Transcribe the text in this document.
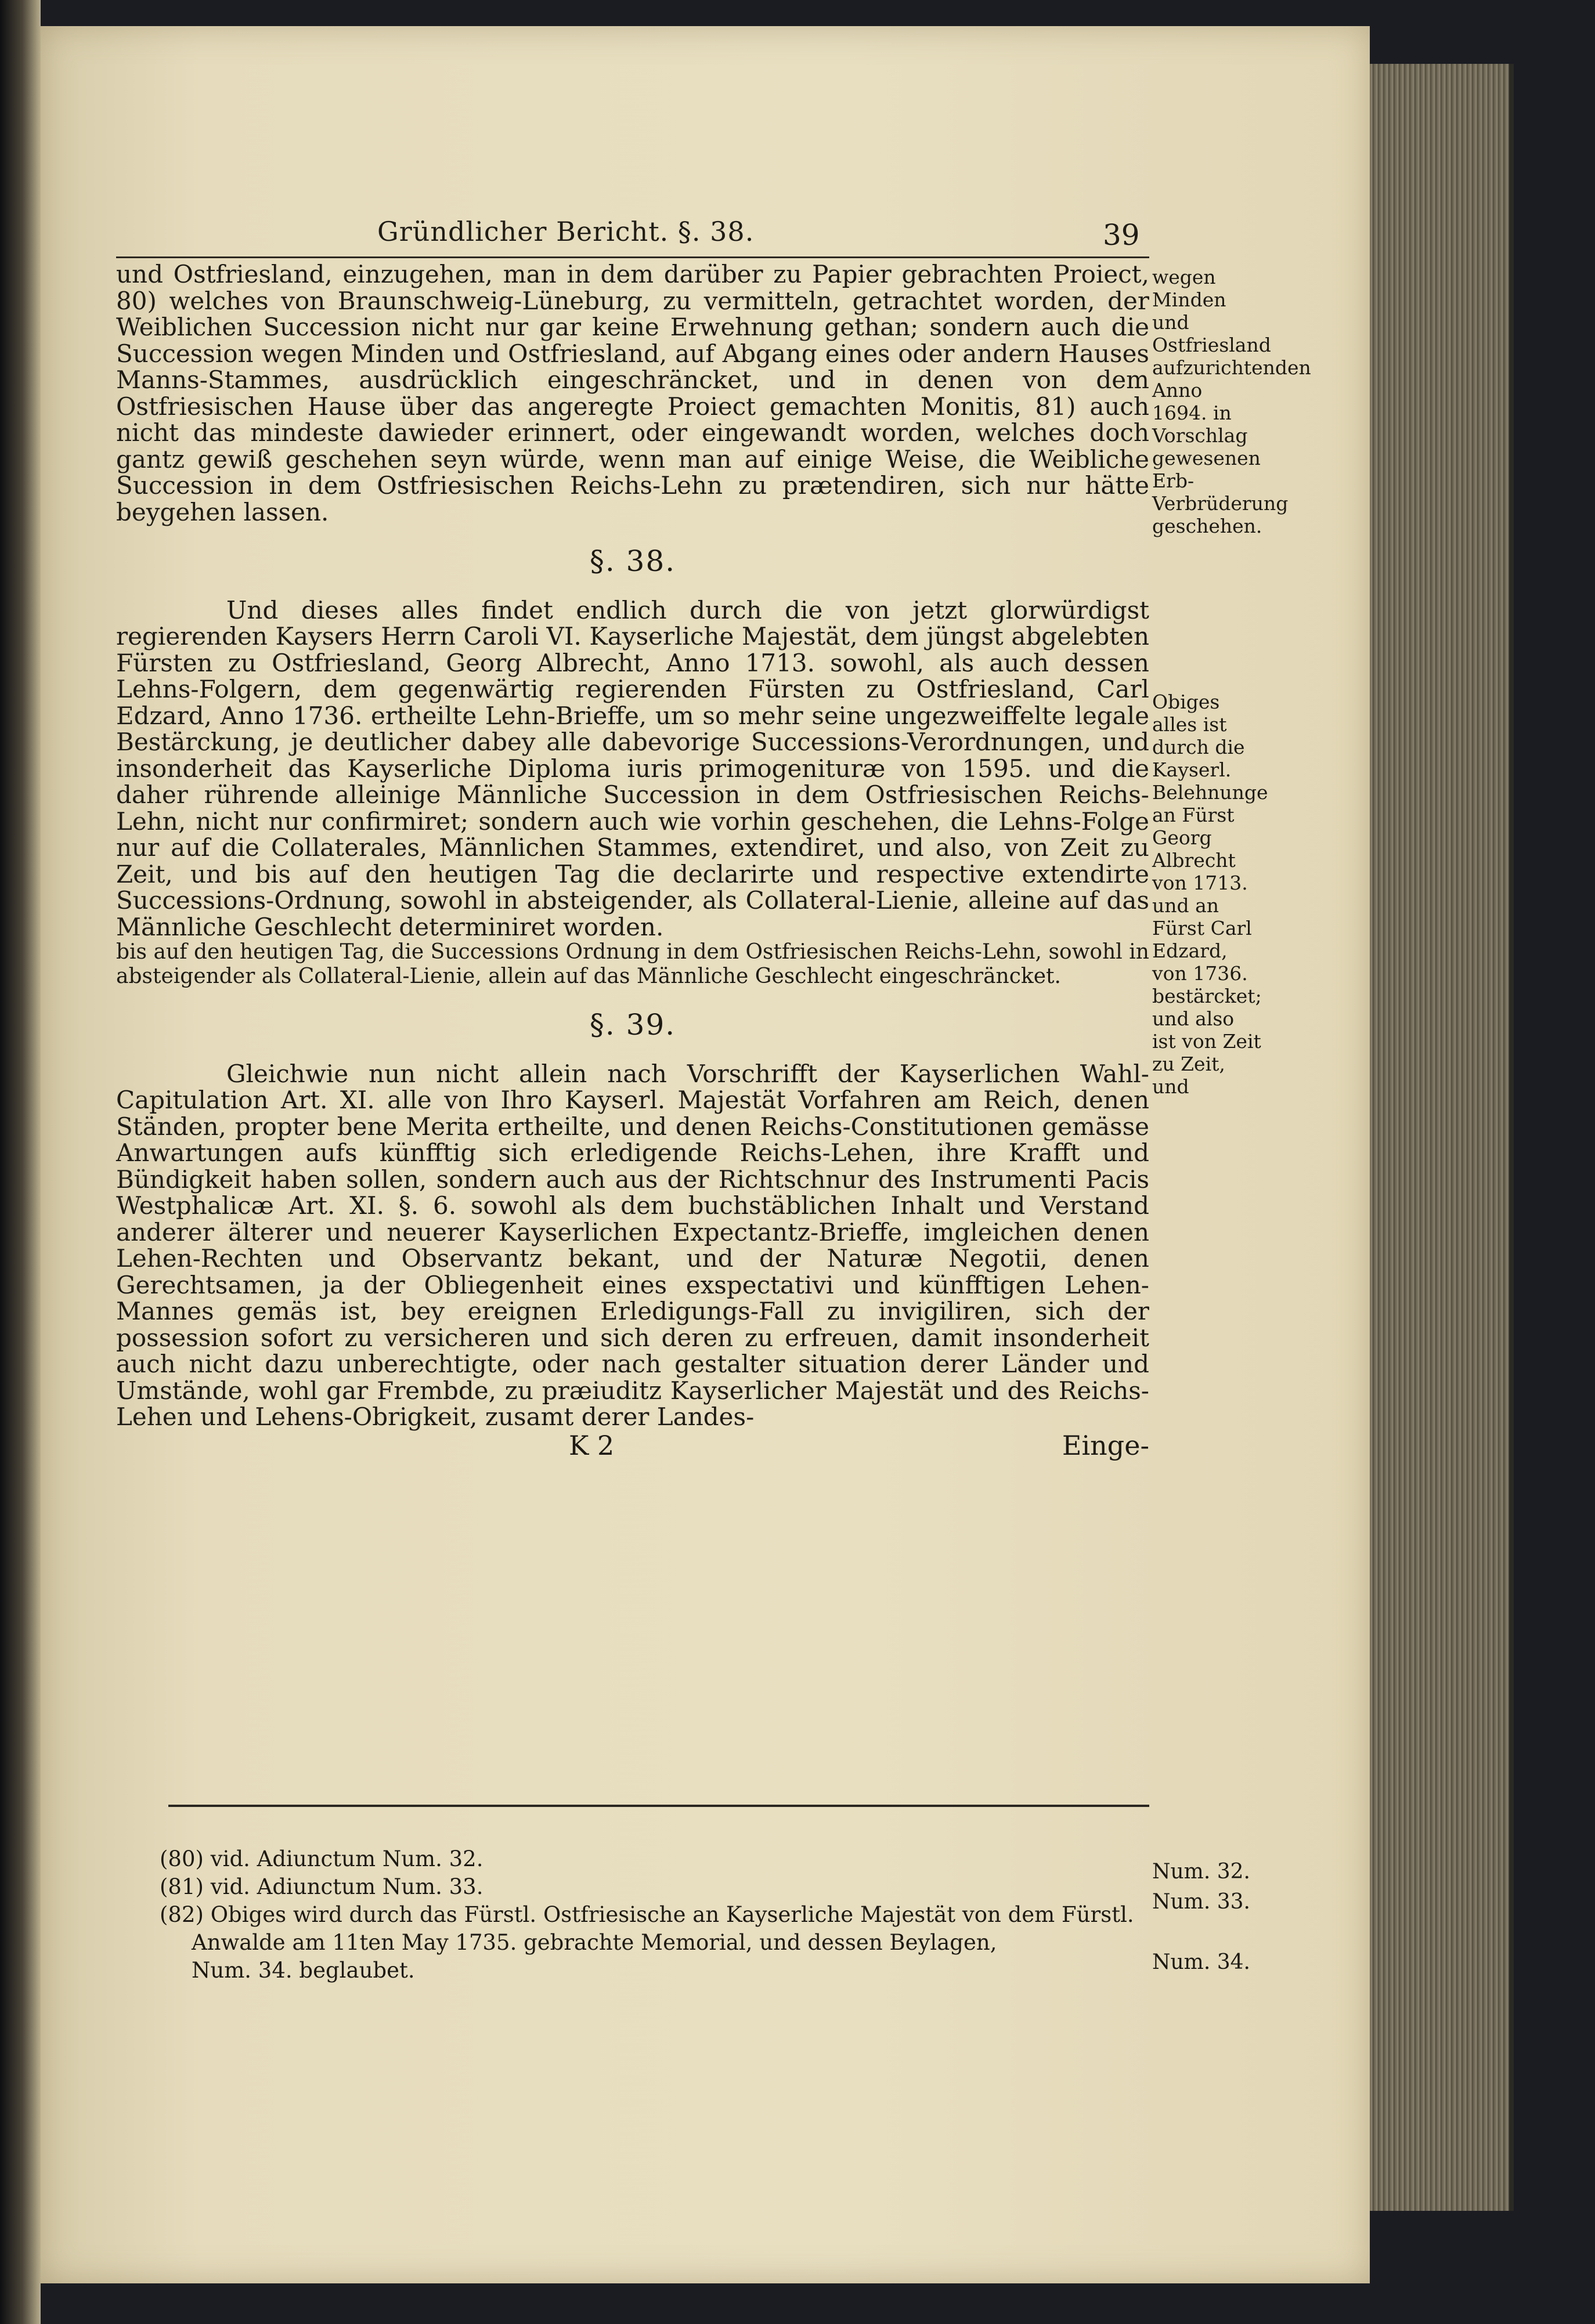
Gründlicher Bericht. §. 38.	39

und Ostfriesland, einzugehen, man in dem darüber zu Papier gebrachten Proiect, 80) welches von Braunschweig-Lüneburg, zu vermitteln, getrachtet worden, der Weiblichen Succession nicht nur gar keine Erwehnung gethan; sondern auch die Succession wegen Minden und Ostfriesland, auf Abgang eines oder andern Hauses Manns-Stammes, ausdrücklich eingeschräncket, und in denen von dem Ostfriesischen Hause über das angeregte Proiect gemachten Monitis, 81) auch nicht das mindeste dawieder erinnert, oder eingewandt worden, welches doch gantz gewiß geschehen seyn würde, wenn man auf einige Weise, die Weibliche Succession in dem Ostfriesischen Reichs-Lehn zu prætendiren, sich nur hätte beygehen lassen.

§. 38.

Und dieses alles findet endlich durch die von jetzt glorwürdigst regierenden Kaysers Herrn Caroli VI. Kayserliche Majestät, dem jüngst abgelebten Fürsten zu Ostfriesland, Georg Albrecht, Anno 1713. sowohl, als auch dessen Lehns-Folgern, dem gegenwärtig regierenden Fürsten zu Ostfriesland, Carl Edzard, Anno 1736. ertheilte Lehn-Brieffe, um so mehr seine ungezweiffelte legale Bestärckung, je deutlicher dabey alle dabevorige Successions-Verordnungen, und insonderheit das Kayserliche Diploma iuris primogenituræ von 1595. und die daher rührende alleinige Männliche Succession in dem Ostfriesischen Reichs-Lehn, nicht nur confirmiret; sondern auch wie vorhin geschehen, die Lehns-Folge nur auf die Collaterales, Männlichen Stammes, extendiret, und also, von Zeit zu Zeit, und bis auf den heutigen Tag die declarirte und respective extendirte Successions-Ordnung, sowohl in absteigender, als Collateral-Lienie, alleine auf das Männliche Geschlecht determiniret worden.

bis auf den heutigen Tag, die Successions Ordnung in dem Ostfriesischen Reichs-Lehn, sowohl in absteigender als Collateral-Lienie, allein auf das Männliche Geschlecht eingeschräncket.

§. 39.

Gleichwie nun nicht allein nach Vorschrifft der Kayserlichen Wahl-Capitulation Art. XI. alle von Ihro Kayserl. Majestät Vorfahren am Reich, denen Ständen, propter bene Merita ertheilte, und denen Reichs-Constitutionen gemässe Anwartungen aufs künfftig sich erledigende Reichs-Lehen, ihre Krafft und Bündigkeit haben sollen, sondern auch aus der Richtschnur des Instrumenti Pacis Westphalicæ Art. XI. §. 6. sowohl als dem buchstäblichen Inhalt und Verstand anderer älterer und neuerer Kayserlichen Expectantz-Brieffe, imgleichen denen Lehen-Rechten und Observantz bekant, und der Naturæ Negotii, denen Gerechtsamen, ja der Obliegenheit eines exspectativi und künfftigen Lehen-Mannes gemäs ist, bey ereignen Erledigungs-Fall zu invigiliren, sich der possession sofort zu versicheren und sich deren zu erfreuen, damit insonderheit auch nicht dazu unberechtigte, oder nach gestalter situation derer Länder und Umstände, wohl gar Frembde, zu præiuditz Kayserlicher Majestät und des Reichs-Lehen und Lehens-Obrigkeit, zusamt derer Landes-

K 2	Einge-
wegen Minden und Ostfriesland aufzurichtenden Anno 1694. in Vorschlag gewesenen Erb-Verbrüderung geschehen.
Obiges alles ist durch die Kayserl. Belehnunge an Fürst Georg Albrecht von 1713. und an Fürst Carl Edzard, von 1736. bestärcket; und also ist von Zeit zu Zeit, und

(80) vid. Adiunctum Num. 32.

(81) vid. Adiunctum Num. 33.

(82) Obiges wird durch das Fürstl. Ostfriesische an Kayserliche Majestät von dem Fürstl.

Anwalde am 11ten May 1735. gebrachte Memorial, und dessen Beylagen,

Num. 34. beglaubet.

Num. 32.
Num. 33.
Num. 34.
